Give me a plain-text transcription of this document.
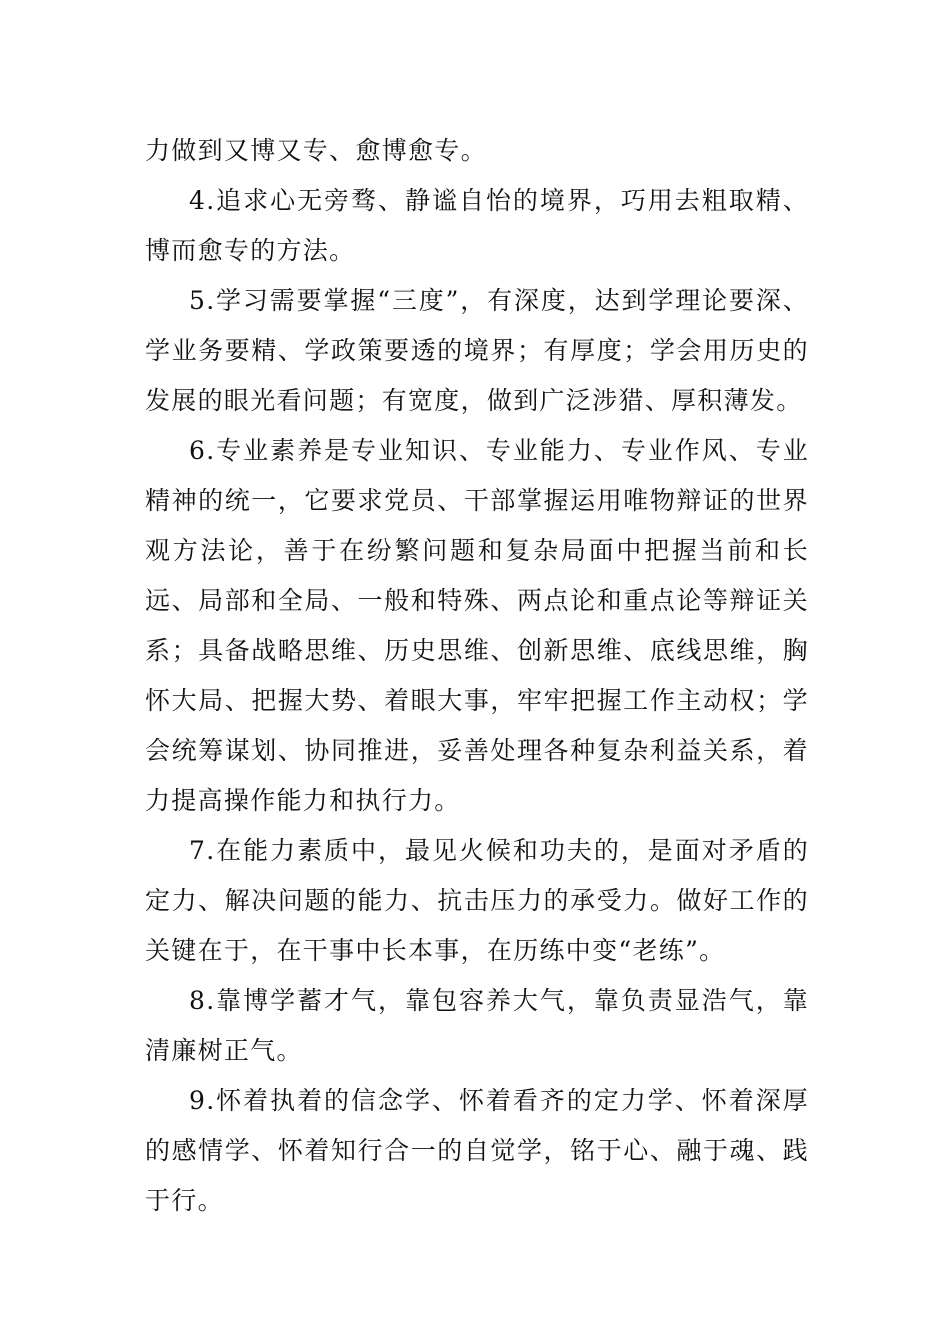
力做到又博又专、愈博愈专。

4.追求心无旁骛、静谧自怡的境界，巧用去粗取精、博而愈专的方法。

5.学习需要掌握“三度”，有深度，达到学理论要深、学业务要精、学政策要透的境界；有厚度；学会用历史的发展的眼光看问题；有宽度，做到广泛涉猎、厚积薄发。

6.专业素养是专业知识、专业能力、专业作风、专业精神的统一，它要求党员、干部掌握运用唯物辩证的世界观方法论，善于在纷繁问题和复杂局面中把握当前和长远、局部和全局、一般和特殊、两点论和重点论等辩证关系；具备战略思维、历史思维、创新思维、底线思维，胸怀大局、把握大势、着眼大事，牢牢把握工作主动权；学会统筹谋划、协同推进，妥善处理各种复杂利益关系，着力提高操作能力和执行力。

7.在能力素质中，最见火候和功夫的，是面对矛盾的定力、解决问题的能力、抗击压力的承受力。做好工作的关键在于，在干事中长本事，在历练中变“老练”。

8.靠博学蓄才气，靠包容养大气，靠负责显浩气，靠清廉树正气。

9.怀着执着的信念学、怀着看齐的定力学、怀着深厚的感情学、怀着知行合一的自觉学，铭于心、融于魂、践于行。
